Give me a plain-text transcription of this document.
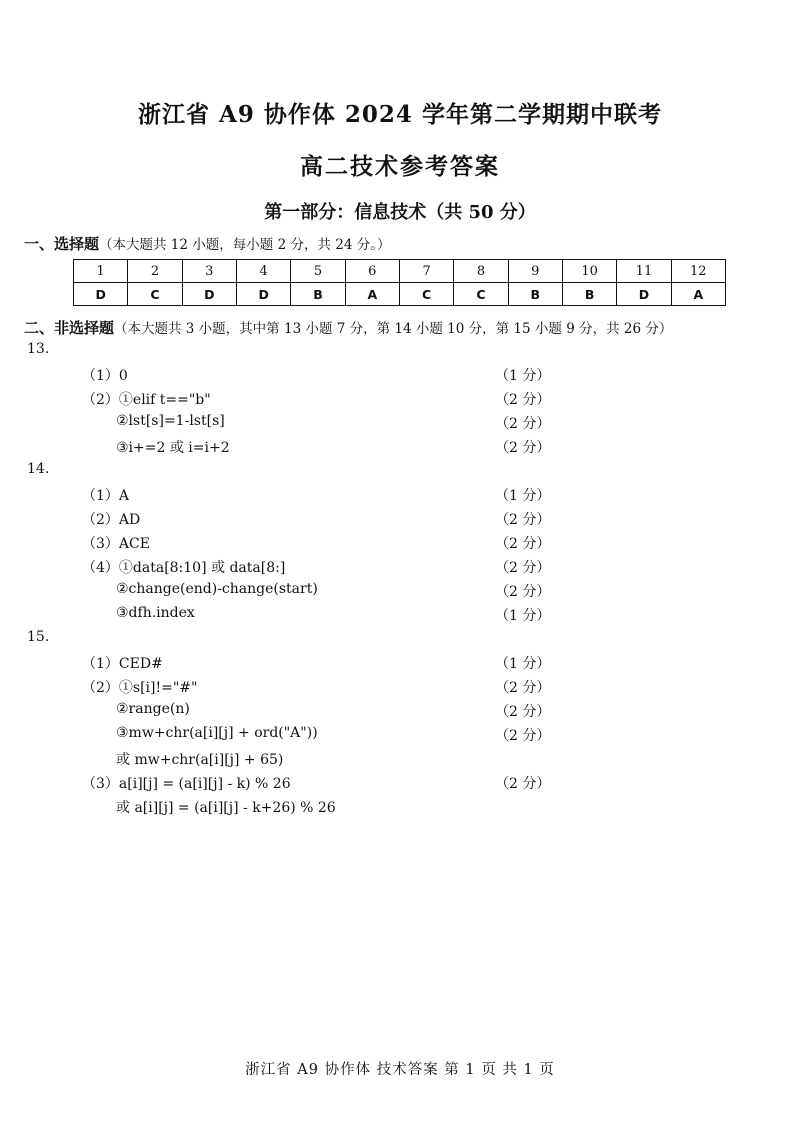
浙江省 A9 协作体 2024 学年第二学期期中联考
高二技术参考答案
第一部分：信息技术（共 50 分）
一、选择题（本大题共 12 小题，每小题 2 分，共 24 分。）
1	2	3	4	5	6	7	8	9	10	11	12
D	C	D	D	B	A	C	C	B	B	D	A
二、非选择题（本大题共 3 小题，其中第 13 小题 7 分，第 14 小题 10 分，第 15 小题 9 分，共 26 分）
13.
（1）0	（1 分）
（2）①elif t=="b"	（2 分）
②lst[s]=1-lst[s]	（2 分）
③i+=2 或 i=i+2	（2 分）
14.
（1）A	（1 分）
（2）AD	（2 分）
（3）ACE	（2 分）
（4）①data[8:10] 或 data[8:]	（2 分）
②change(end)-change(start)	（2 分）
③dfh.index	（1 分）
15.
（1）CED#	（1 分）
（2）①s[i]!="#"	（2 分）
②range(n)	（2 分）
③mw+chr(a[i][j] + ord("A"))	（2 分）
或 mw+chr(a[i][j] + 65)
（3）a[i][j] = (a[i][j] - k) % 26	（2 分）
或 a[i][j] = (a[i][j] - k+26) % 26
浙江省 A9 协作体 技术答案 第 1 页 共 1 页
